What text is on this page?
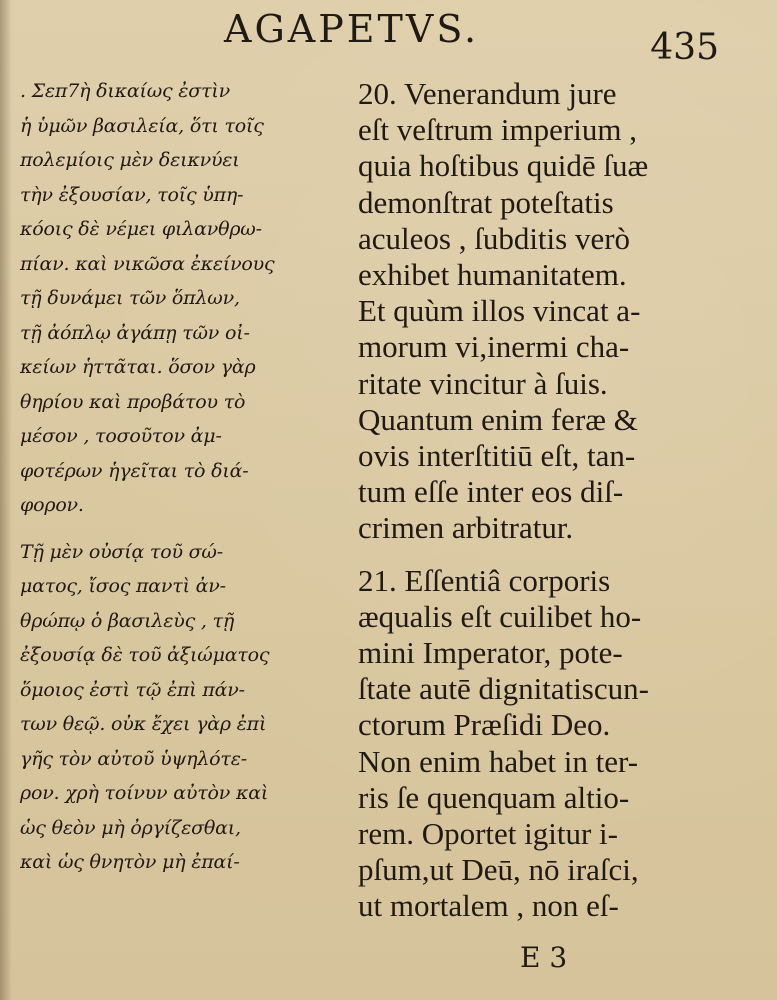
AGAPETVS.	435
. Σεπ7ὴ δικαίως ἐστὶν
ἡ ὑμῶν βασιλεία, ὅτι τοῖς
πολεμίοις μὲν δεικνύει
τὴν ἐξουσίαν, τοῖς ὑπη-
κόοις δὲ νέμει φιλανθρω-
πίαν. καὶ νικῶσα ἐκείνους
τῇ δυνάμει τῶν ὅπλων,
τῇ ἀόπλῳ ἀγάπῃ τῶν οἰ-
κείων ἡττᾶται. ὅσον γὰρ
θηρίου καὶ προβάτου τὸ
μέσον , τοσοῦτον ἀμ-
φοτέρων ἡγεῖται τὸ διά-
φορον.
Τῇ μὲν οὐσίᾳ τοῦ σώ-
ματος, ἴσος παντὶ ἀν-
θρώπῳ ὁ βασιλεὺς , τῇ
ἐξουσίᾳ δὲ τοῦ ἀξιώματος
ὅμοιος ἐστὶ τῷ ἐπὶ πάν-
των θεῷ. οὐκ ἔχει γὰρ ἐπὶ
γῆς τὸν αὐτοῦ ὑψηλότε-
ρον. χρὴ τοίνυν αὐτὸν καὶ
ὡς θεὸν μὴ ὀργίζεσθαι,
καὶ ὡς θνητὸν μὴ ἐπαί-
20. Venerandum jure
eſt veſtrum imperium ,
quia hoſtibus quidē ſuæ
demonſtrat poteſtatis
aculeos , ſubditis verò
exhibet humanitatem.
Et quùm illos vincat a-
morum vi,inermi cha-
ritate vincitur à ſuis.
Quantum enim feræ &
ovis interſtitiū eſt, tan-
tum eſſe inter eos diſ-
crimen arbitratur.
21. Eſſentiâ corporis
æqualis eſt cuilibet ho-
mini Imperator, pote-
ſtate autē dignitatiscun-
ctorum Præſidi Deo.
Non enim habet in ter-
ris ſe quenquam altio-
rem. Oportet igitur i-
pſum,ut Deū, nō iraſci,
ut mortalem , non eſ-
E 3
